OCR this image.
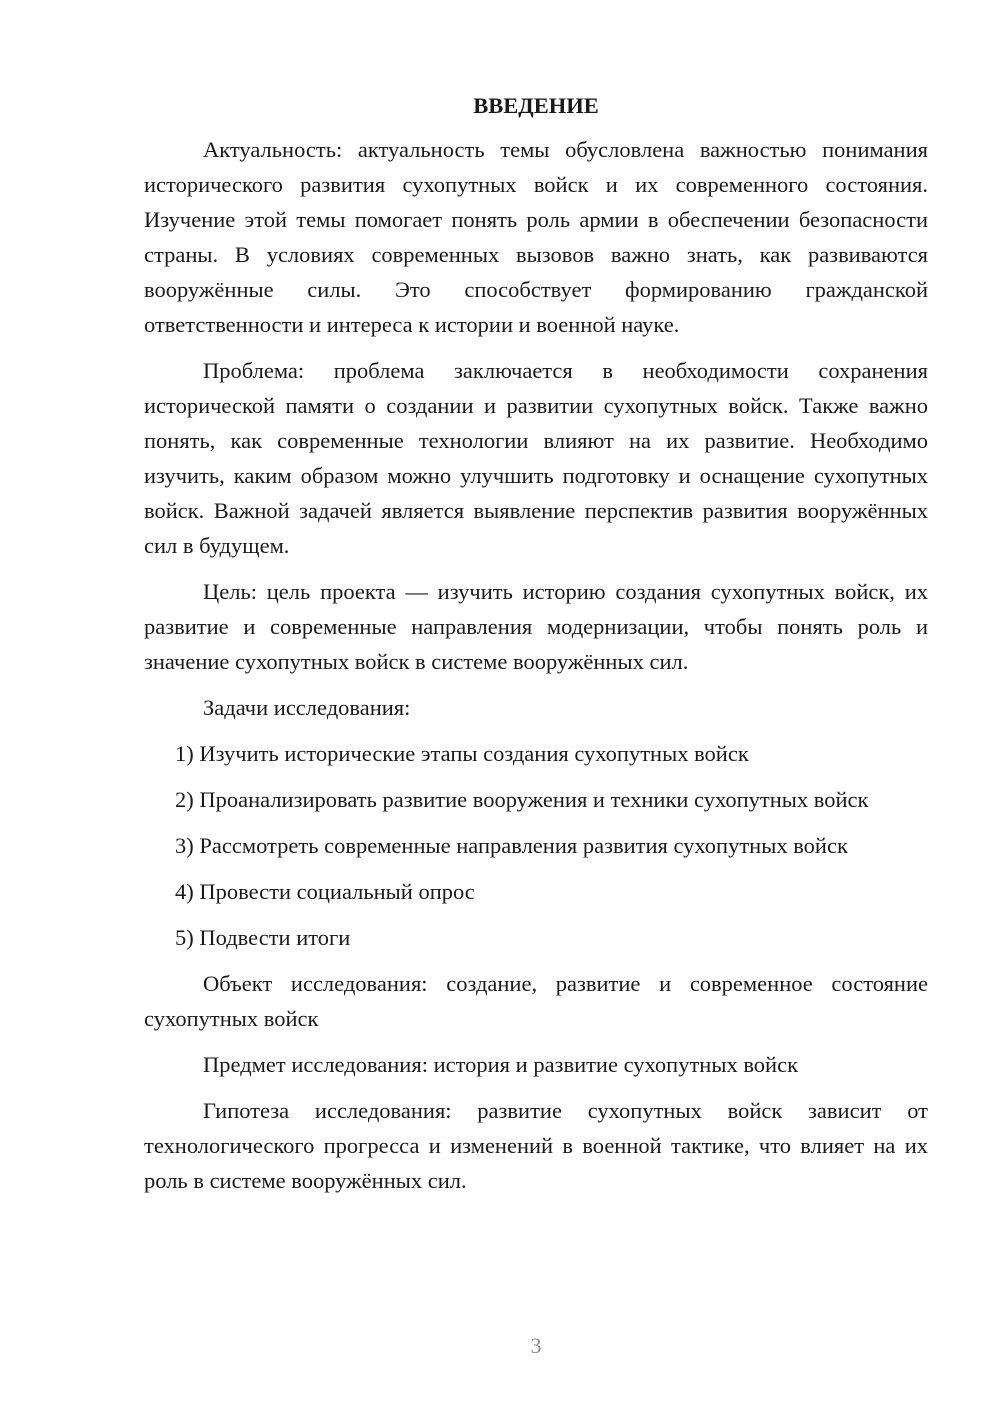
ВВЕДЕНИЕ

Актуальность: актуальность темы обусловлена важностью понимания исторического развития сухопутных войск и их современного состояния. Изучение этой темы помогает понять роль армии в обеспечении безопасности страны. В условиях современных вызовов важно знать, как развиваются вооружённые силы. Это способствует формированию гражданской ответственности и интереса к истории и военной науке.

Проблема: проблема заключается в необходимости сохранения исторической памяти о создании и развитии сухопутных войск. Также важно понять, как современные технологии влияют на их развитие. Необходимо изучить, каким образом можно улучшить подготовку и оснащение сухопутных войск. Важной задачей является выявление перспектив развития вооружённых сил в будущем.

Цель: цель проекта — изучить историю создания сухопутных войск, их развитие и современные направления модернизации, чтобы понять роль и значение сухопутных войск в системе вооружённых сил.

Задачи исследования:

1) Изучить исторические этапы создания сухопутных войск

2) Проанализировать развитие вооружения и техники сухопутных войск

3) Рассмотреть современные направления развития сухопутных войск

4) Провести социальный опрос

5) Подвести итоги

Объект исследования: создание, развитие и современное состояние сухопутных войск

Предмет исследования: история и развитие сухопутных войск

Гипотеза исследования: развитие сухопутных войск зависит от технологического прогресса и изменений в военной тактике, что влияет на их роль в системе вооружённых сил.

3
